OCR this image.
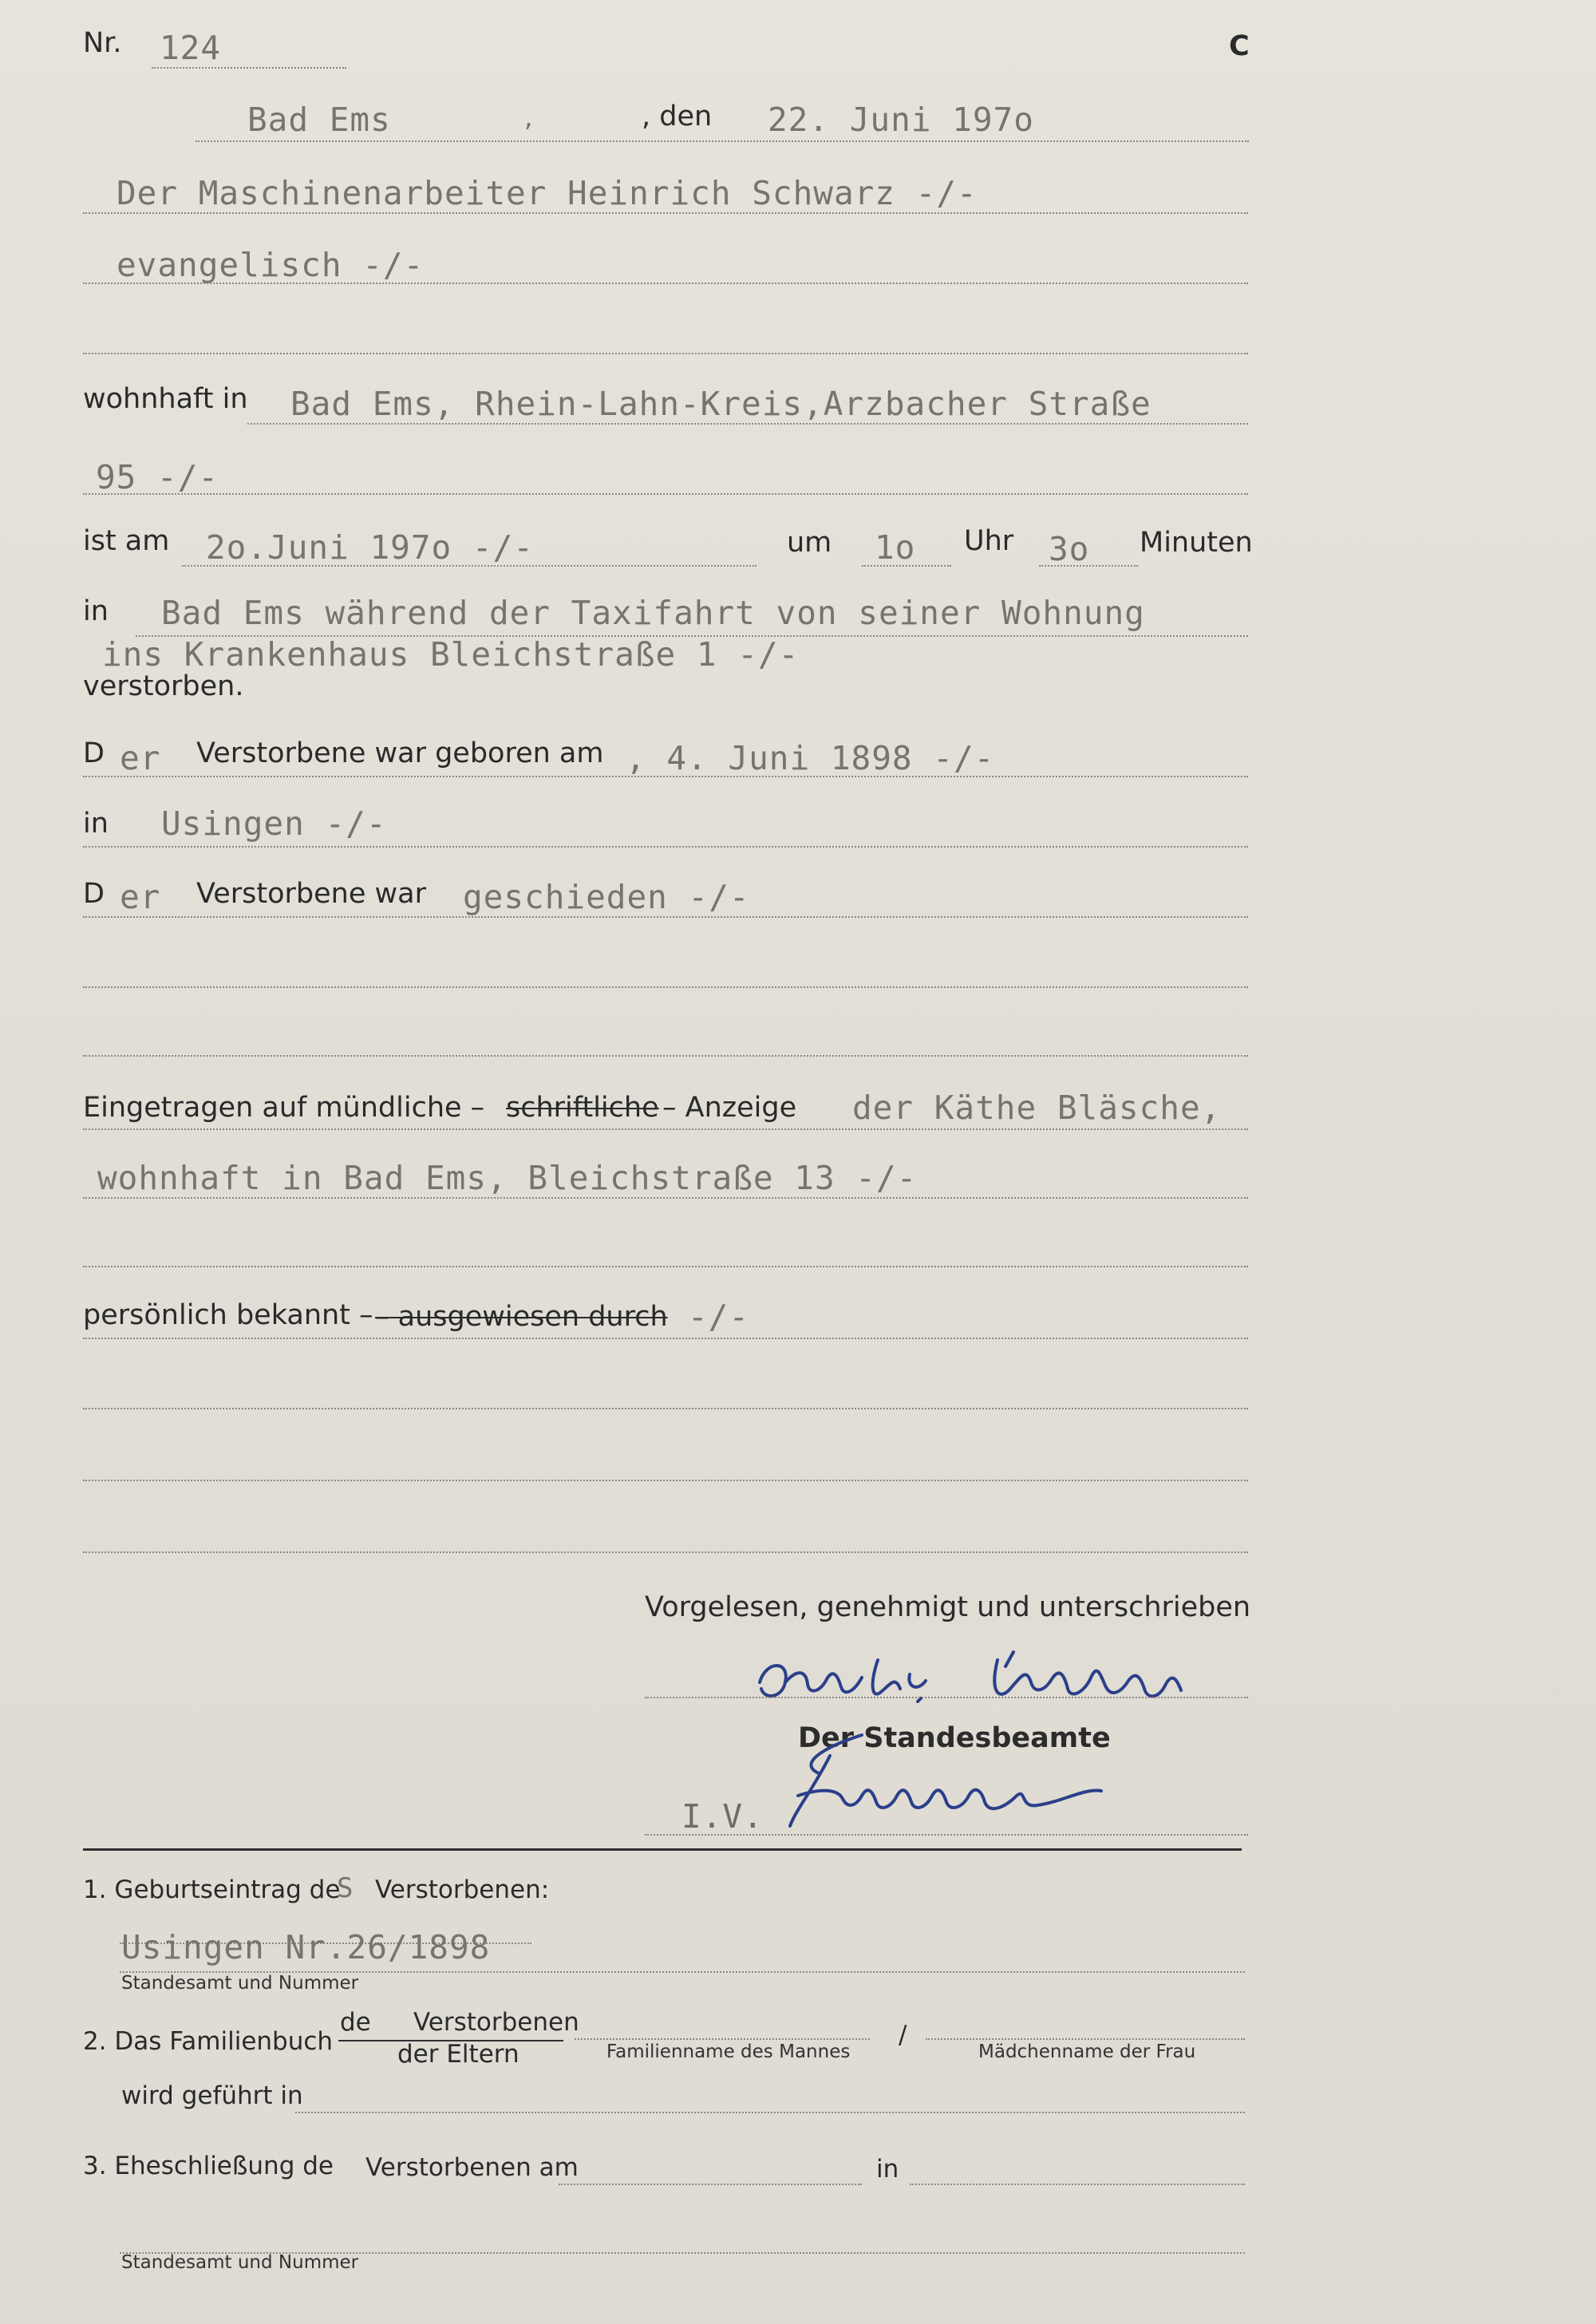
Nr. 124	C
Bad Ems	,	, den 22. Juni 197o
Der Maschinenarbeiter Heinrich Schwarz -/-
evangelisch -/-
wohnhaft in Bad Ems, Rhein-Lahn-Kreis,Arzbacher Straße
95 -/-
ist am 2o.Juni 197o -/-	um 1o Uhr 3o Minuten
in Bad Ems während der Taxifahrt von seiner Wohnung
ins Krankenhaus Bleichstraße 1 -/-
verstorben.
D er Verstorbene war geboren am , 4. Juni 1898 -/-
in Usingen -/-
D er Verstorbene war geschieden -/-
Eingetragen auf mündliche – schriftliche – Anzeige der Käthe Bläsche,
wohnhaft in Bad Ems, Bleichstraße 13 -/-
persönlich bekannt – – ausgewiesen durch -/-
Vorgelesen, genehmigt und unterschrieben
Käthe Bläsche
Der Standesbeamte
I.V.
Hermann
1. Geburtseintrag de
S Verstorbenen:
Usingen Nr.26/1898
Standesamt und Nummer
2. Das Familienbuch
de Verstorbenen
der Eltern	Familienname des Mannes
/
Mädchenname der Frau
wird geführt in
3. Eheschließung de Verstorbenen am	in
Standesamt und Nummer
